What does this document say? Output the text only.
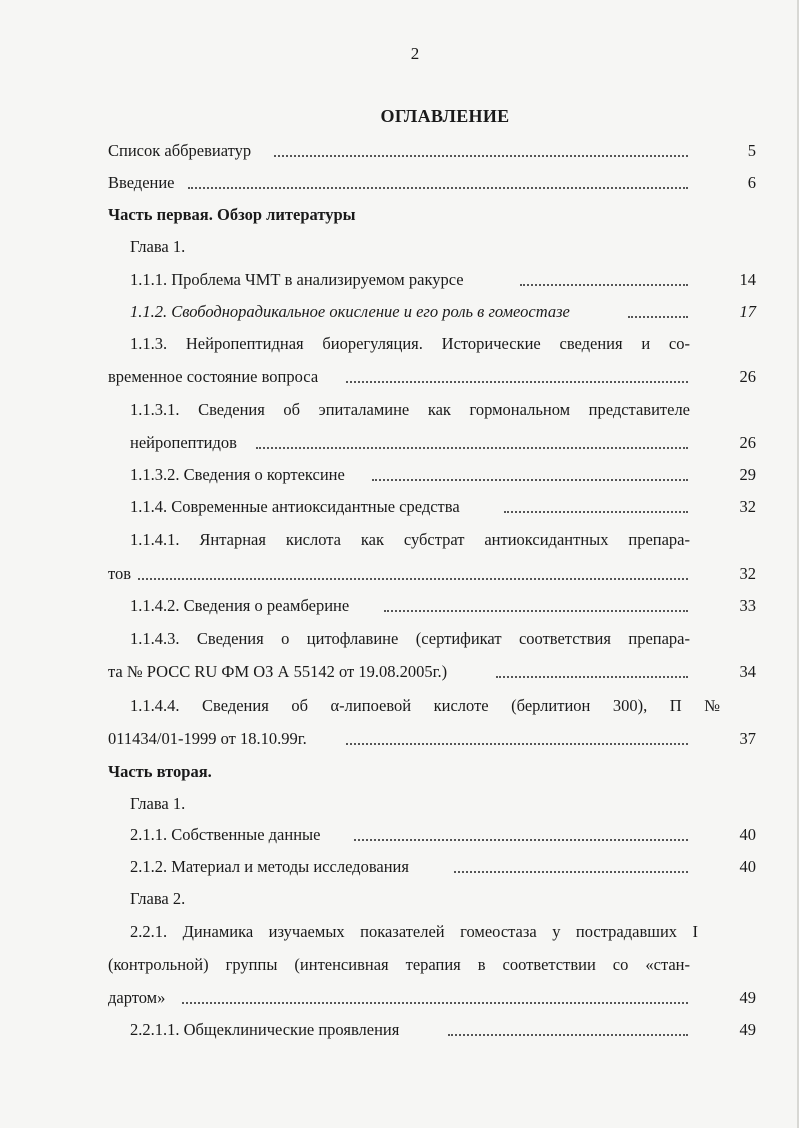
2
ОГЛАВЛЕНИЕ
Список аббревиатур	5
Введение	6
Часть первая. Обзор литературы
Глава 1.
1.1.1. Проблема ЧМТ в анализируемом ракурсе	14
1.1.2. Свободнорадикальное окисление и его роль в гомеостазе	17
1.1.3. Нейропептидная биорегуляция. Исторические сведения и со-
временное состояние вопроса	26
1.1.3.1. Сведения об эпиталамине как гормональном представителе
нейропептидов	26
1.1.3.2. Сведения о кортексине	29
1.1.4. Современные антиоксидантные средства	32
1.1.4.1. Янтарная кислота как субстрат антиоксидантных препара-
тов	32
1.1.4.2. Сведения о реамберине	33
1.1.4.3. Сведения о цитофлавине (сертификат соответствия препара-
та № РОСС RU ФМ ОЗ А 55142 от 19.08.2005г.)	34
1.1.4.4. Сведения об α-липоевой кислоте (берлитион 300), П №
011434/01-1999 от 18.10.99г.	37
Часть вторая.
Глава 1.
2.1.1. Собственные данные	40
2.1.2. Материал и методы исследования	40
Глава 2.
2.2.1. Динамика изучаемых показателей гомеостаза у пострадавших I
(контрольной) группы (интенсивная терапия в соответствии со «стан-
дартом»	49
2.2.1.1. Общеклинические проявления	49
